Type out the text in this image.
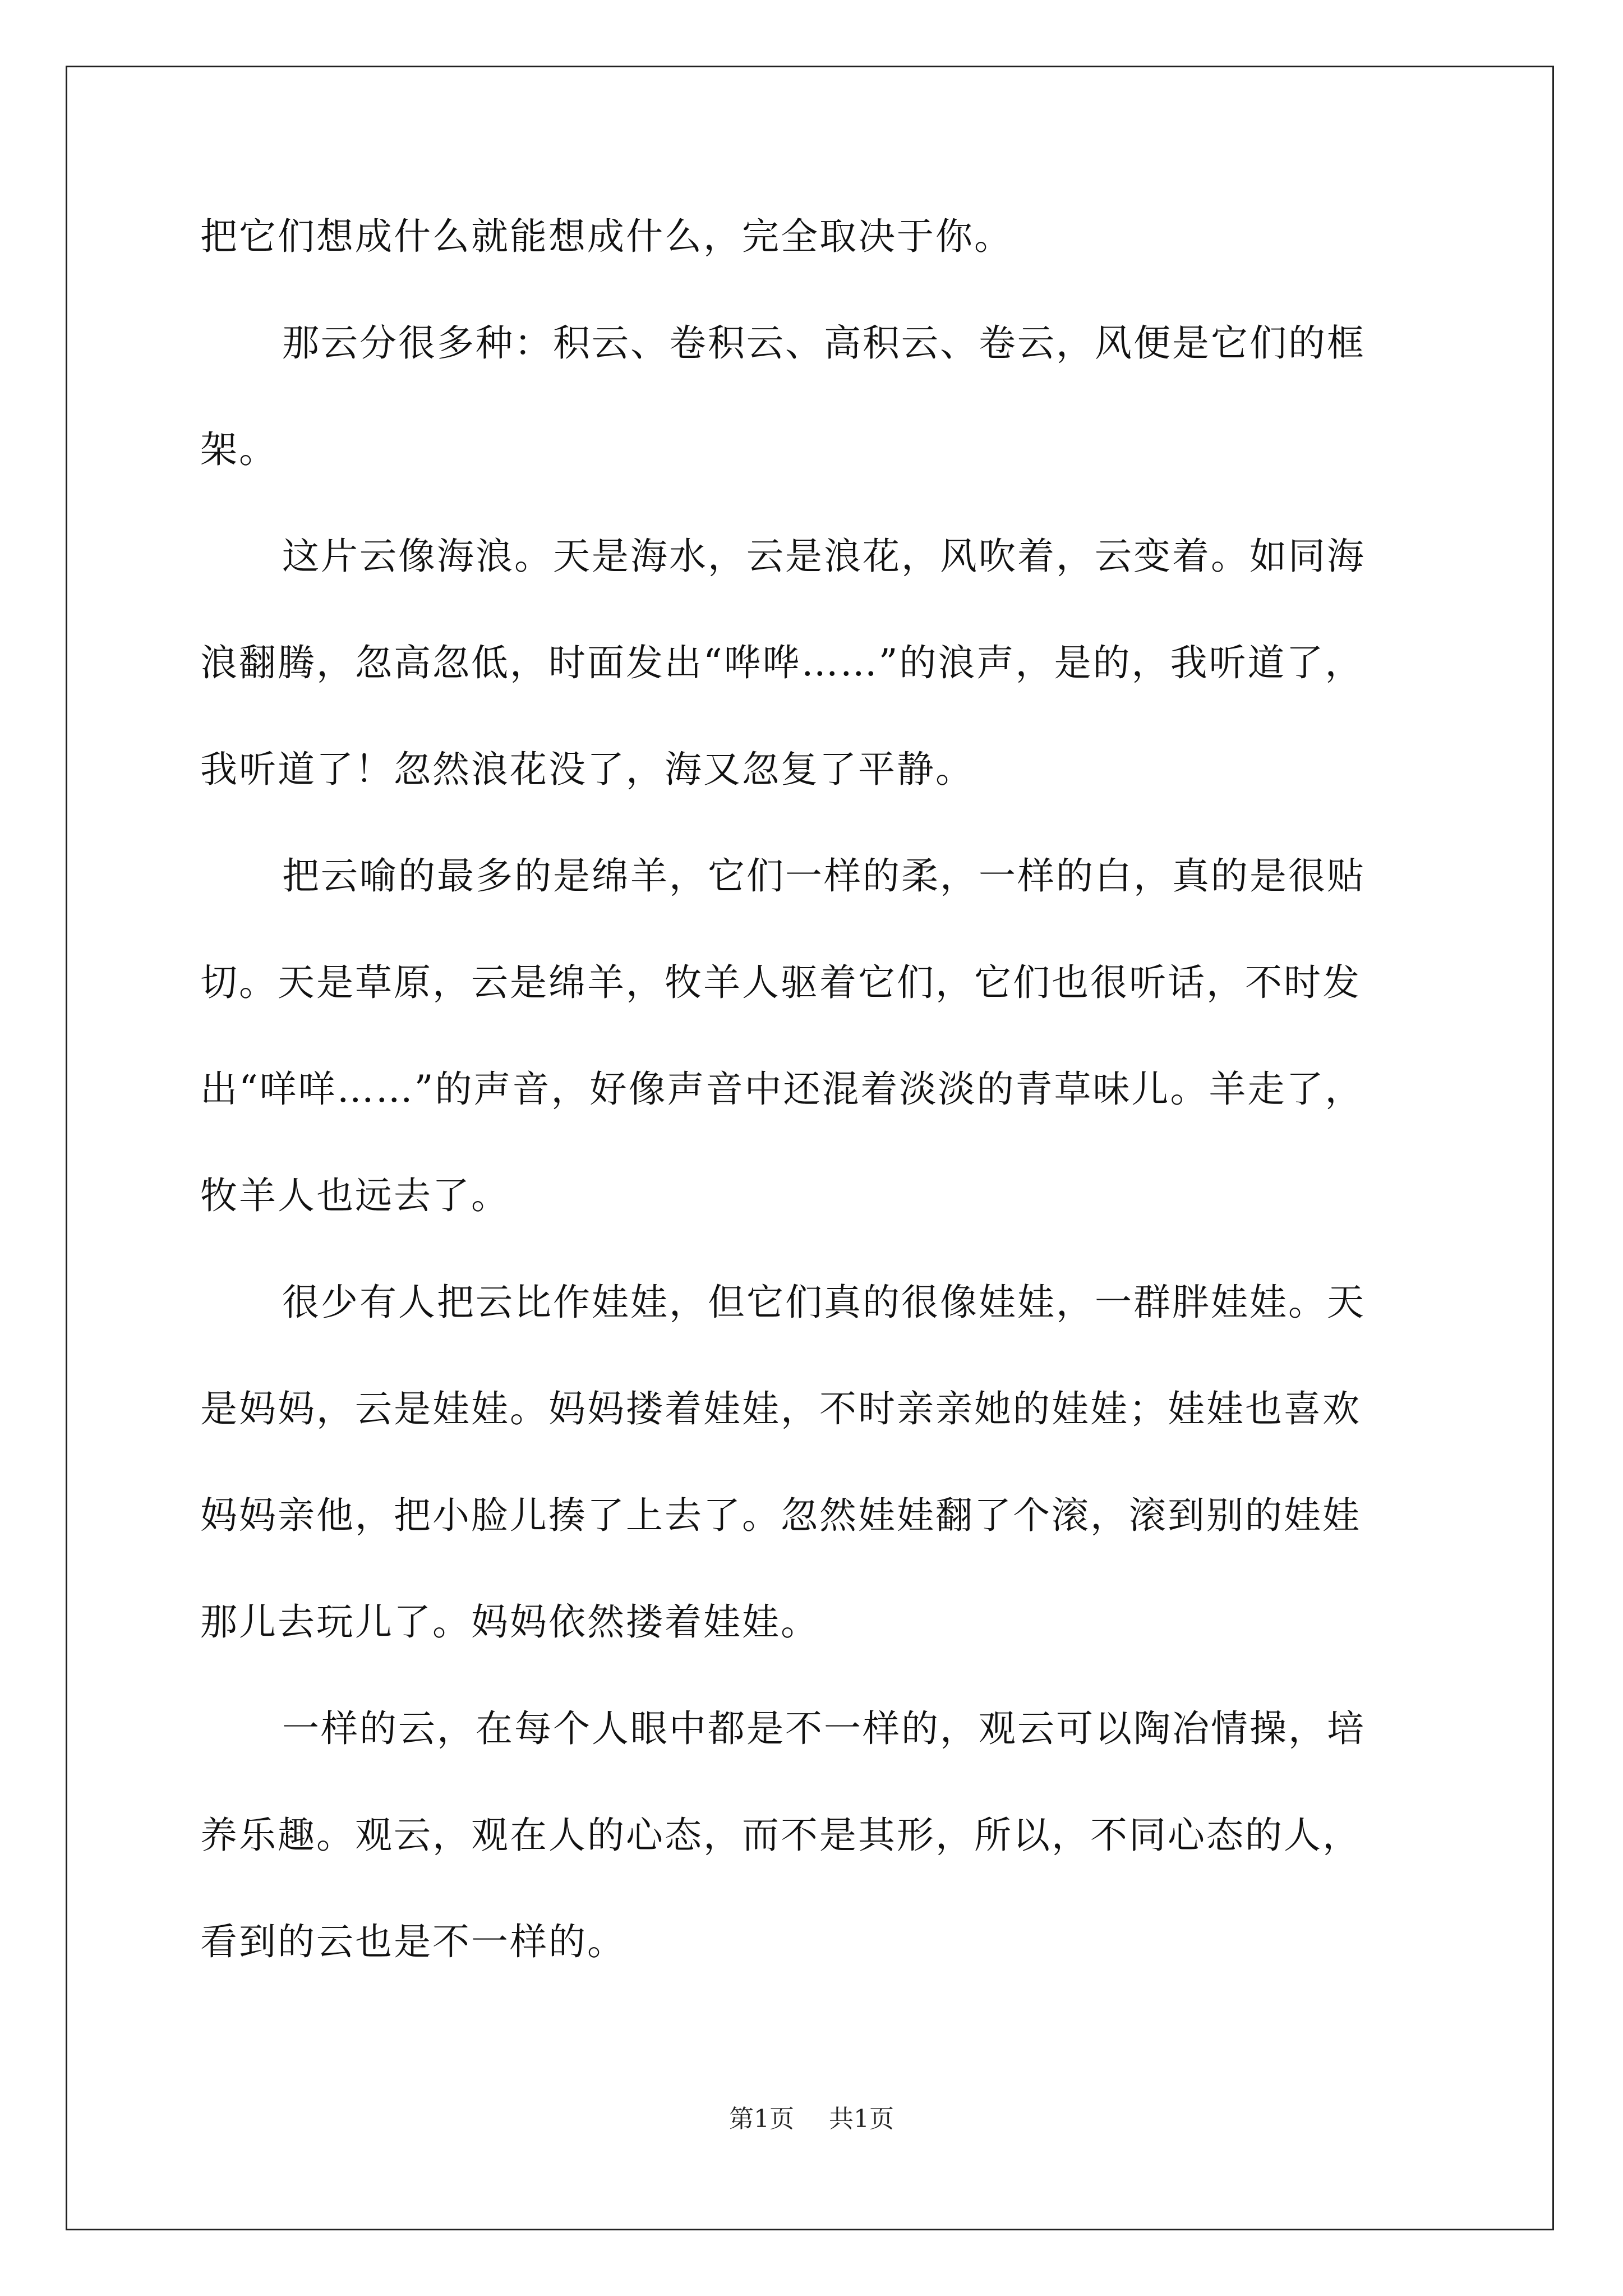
把它们想成什么就能想成什么，完全取决于你。
那云分很多种：积云、卷积云、高积云、卷云，风便是它们的框
架。
这片云像海浪。天是海水，云是浪花，风吹着，云变着。如同海
浪翻腾，忽高忽低，时面发出“哗哗……”的浪声，是的，我听道了，
我听道了！忽然浪花没了，海又忽复了平静。
把云喻的最多的是绵羊，它们一样的柔，一样的白，真的是很贴
切。天是草原，云是绵羊，牧羊人驱着它们，它们也很听话，不时发
出“咩咩……”的声音，好像声音中还混着淡淡的青草味儿。羊走了，
牧羊人也远去了。
很少有人把云比作娃娃，但它们真的很像娃娃，一群胖娃娃。天
是妈妈，云是娃娃。妈妈搂着娃娃，不时亲亲她的娃娃；娃娃也喜欢
妈妈亲他，把小脸儿揍了上去了。忽然娃娃翻了个滚，滚到别的娃娃
那儿去玩儿了。妈妈依然搂着娃娃。
一样的云，在每个人眼中都是不一样的，观云可以陶冶情操，培
养乐趣。观云，观在人的心态，而不是其形，所以，不同心态的人，
看到的云也是不一样的。
第1页 共1页
